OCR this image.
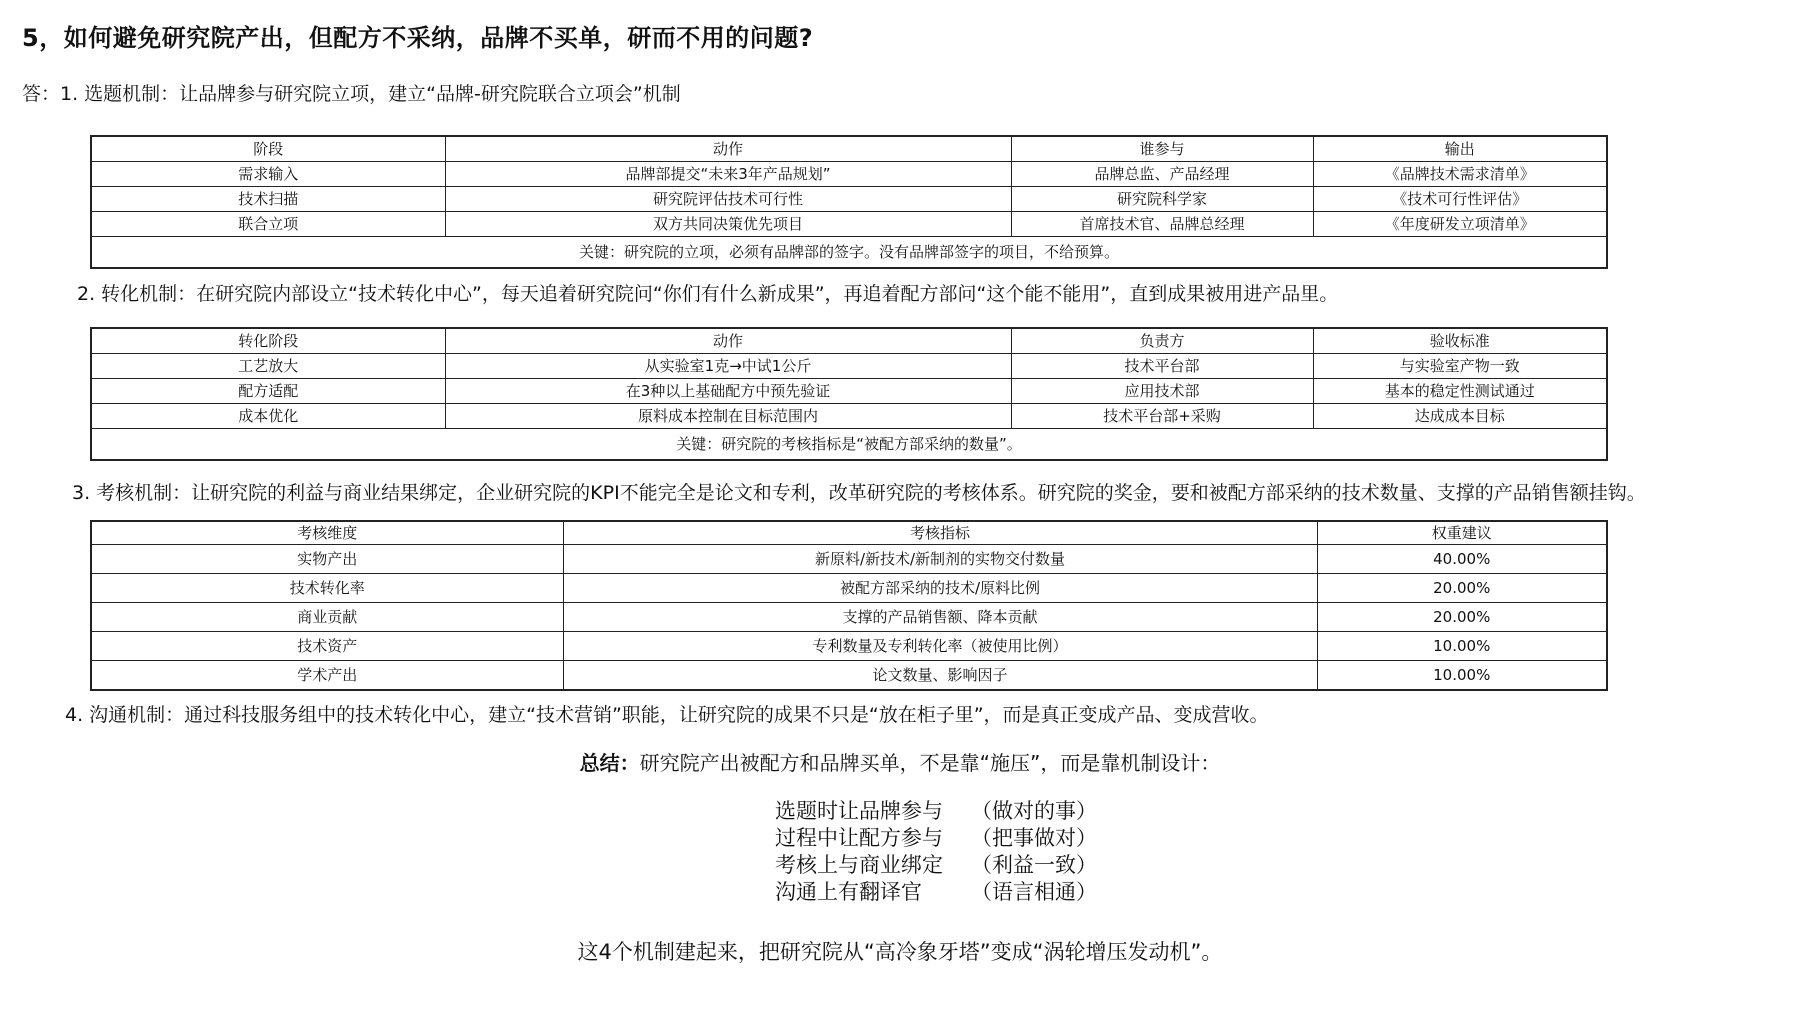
5，如何避免研究院产出，但配方不采纳，品牌不买单，研而不用的问题?
答：1. 选题机制：让品牌参与研究院立项，建立“品牌-研究院联合立项会”机制
阶段	动作	谁参与	输出
需求输入	品牌部提交“未来3年产品规划”	品牌总监、产品经理	《品牌技术需求清单》
技术扫描	研究院评估技术可行性	研究院科学家	《技术可行性评估》
联合立项	双方共同决策优先项目	首席技术官、品牌总经理	《年度研发立项清单》
关键：研究院的立项，必须有品牌部的签字。没有品牌部签字的项目，不给预算。			
2. 转化机制：在研究院内部设立“技术转化中心”，每天追着研究院问“你们有什么新成果”，再追着配方部问“这个能不能用”，直到成果被用进产品里。
转化阶段	动作	负责方	验收标准
工艺放大	从实验室1克→中试1公斤	技术平台部	与实验室产物一致
配方适配	在3种以上基础配方中预先验证	应用技术部	基本的稳定性测试通过
成本优化	原料成本控制在目标范围内	技术平台部+采购	达成成本目标
关键：研究院的考核指标是“被配方部采纳的数量”。			
3. 考核机制：让研究院的利益与商业结果绑定，企业研究院的KPI不能完全是论文和专利，改革研究院的考核体系。研究院的奖金，要和被配方部采纳的技术数量、支撑的产品销售额挂钩。
考核维度	考核指标	权重建议
实物产出	新原料/新技术/新制剂的实物交付数量	40.00%
技术转化率	被配方部采纳的技术/原料比例	20.00%
商业贡献	支撑的产品销售额、降本贡献	20.00%
技术资产	专利数量及专利转化率（被使用比例）	10.00%
学术产出	论文数量、影响因子	10.00%
4. 沟通机制：通过科技服务组中的技术转化中心，建立“技术营销”职能，让研究院的成果不只是“放在柜子里”，而是真正变成产品、变成营收。
总结：研究院产出被配方和品牌买单，不是靠“施压”，而是靠机制设计：
选题时让品牌参与 （做对的事）
过程中让配方参与 （把事做对）
考核上与商业绑定 （利益一致）
沟通上有翻译官 （语言相通）
这4个机制建起来，把研究院从“高冷象牙塔”变成“涡轮增压发动机”。
